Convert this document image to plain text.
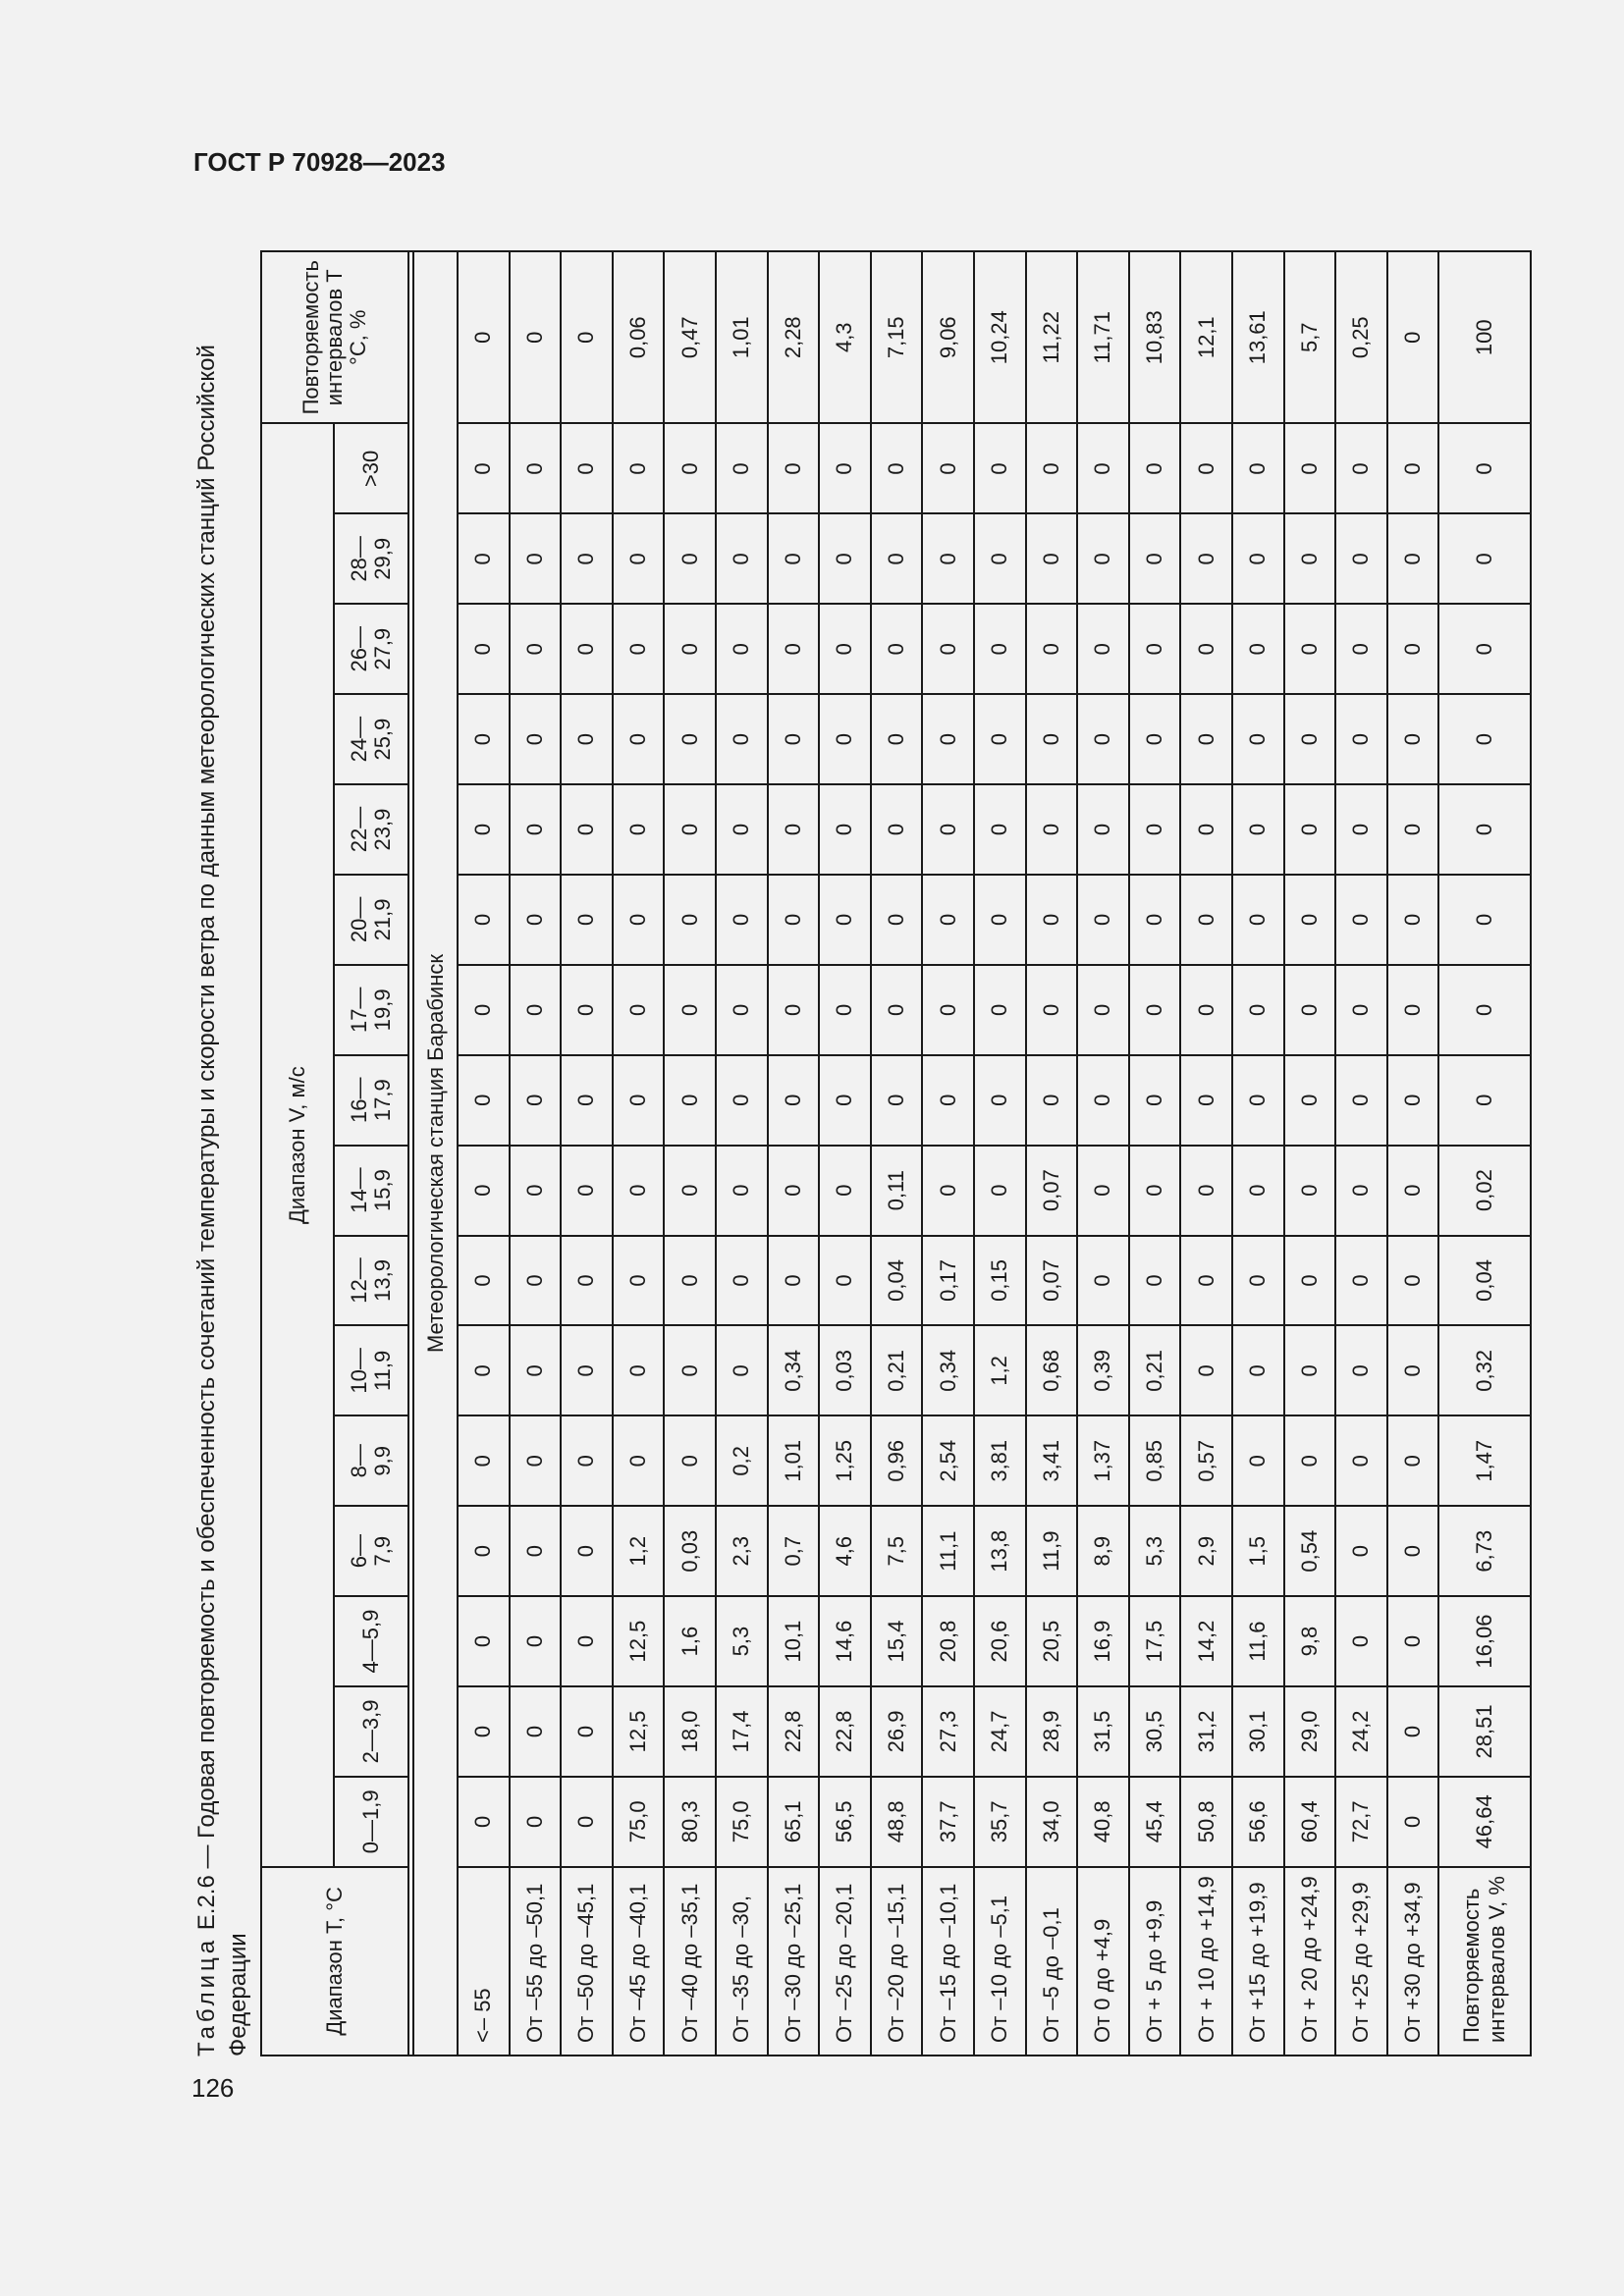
ГОСТ Р 70928—2023
126
Таблица Е.2.6 — Годовая повторяемость и обеспеченность сочетаний температуры и скорости ветра по данным метеорологических станций Российской Федерации	Диапазон T, °С	Диапазон V, м/с																Повторяемость интервалов T °С, %

	0—1,9	2—3,9	4—5,9	6— 7,9	8— 9,9	10— 11,9	12— 13,9	14— 15,9	16— 17,9	17— 19,9	20— 21,9	22— 23,9	24— 25,9	26— 27,9	28— 29,9	>30	

Метеорологическая станция Барабинск																	
<– 55	0	0	0	0	0	0	0	0	0	0	0	0	0	0	0	0	0
От –55 до –50,1	0	0	0	0	0	0	0	0	0	0	0	0	0	0	0	0	0
От –50 до –45,1	0	0	0	0	0	0	0	0	0	0	0	0	0	0	0	0	0
От –45 до –40,1	75,0	12,5	12,5	1,2	0	0	0	0	0	0	0	0	0	0	0	0	0,06
От –40 до –35,1	80,3	18,0	1,6	0,03	0	0	0	0	0	0	0	0	0	0	0	0	0,47
От –35 до –30,	75,0	17,4	5,3	2,3	0,2	0	0	0	0	0	0	0	0	0	0	0	1,01
От –30 до –25,1	65,1	22,8	10,1	0,7	1,01	0,34	0	0	0	0	0	0	0	0	0	0	2,28
От –25 до –20,1	56,5	22,8	14,6	4,6	1,25	0,03	0	0	0	0	0	0	0	0	0	0	4,3
От –20 до –15,1	48,8	26,9	15,4	7,5	0,96	0,21	0,04	0,11	0	0	0	0	0	0	0	0	7,15
От –15 до –10,1	37,7	27,3	20,8	11,1	2,54	0,34	0,17	0	0	0	0	0	0	0	0	0	9,06
От –10 до –5,1	35,7	24,7	20,6	13,8	3,81	1,2	0,15	0	0	0	0	0	0	0	0	0	10,24
От –5 до –0,1	34,0	28,9	20,5	11,9	3,41	0,68	0,07	0,07	0	0	0	0	0	0	0	0	11,22
От 0 до +4,9	40,8	31,5	16,9	8,9	1,37	0,39	0	0	0	0	0	0	0	0	0	0	11,71
От + 5 до +9,9	45,4	30,5	17,5	5,3	0,85	0,21	0	0	0	0	0	0	0	0	0	0	10,83
От + 10 до +14,9	50,8	31,2	14,2	2,9	0,57	0	0	0	0	0	0	0	0	0	0	0	12,1
От +15 до +19,9	56,6	30,1	11,6	1,5	0	0	0	0	0	0	0	0	0	0	0	0	13,61
От + 20 до +24,9	60,4	29,0	9,8	0,54	0	0	0	0	0	0	0	0	0	0	0	0	5,7
От +25 до +29,9	72,7	24,2	0	0	0	0	0	0	0	0	0	0	0	0	0	0	0,25
От +30 до +34,9	0	0	0	0	0	0	0	0	0	0	0	0	0	0	0	0	0

Повторяемость интервалов V, %	46,64	28,51	16,06	6,73	1,47	0,32	0,04	0,02	0	0	0	0	0	0	0	0	100
